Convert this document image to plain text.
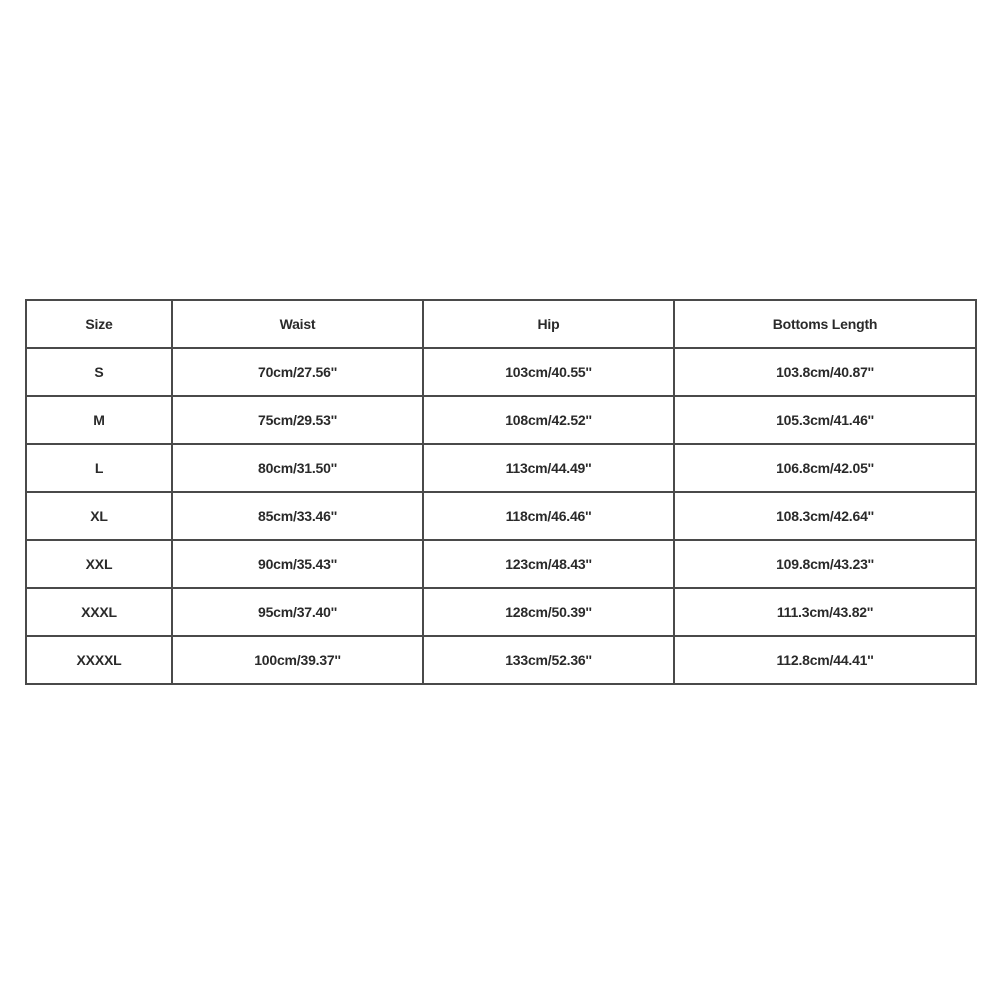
Size	Waist	Hip	Bottoms Length
S	70cm/27.56''	103cm/40.55''	103.8cm/40.87''
M	75cm/29.53''	108cm/42.52''	105.3cm/41.46''
L	80cm/31.50''	113cm/44.49''	106.8cm/42.05''
XL	85cm/33.46''	118cm/46.46''	108.3cm/42.64''
XXL	90cm/35.43''	123cm/48.43''	109.8cm/43.23''
XXXL	95cm/37.40''	128cm/50.39''	111.3cm/43.82''
XXXXL	100cm/39.37''	133cm/52.36''	112.8cm/44.41''
